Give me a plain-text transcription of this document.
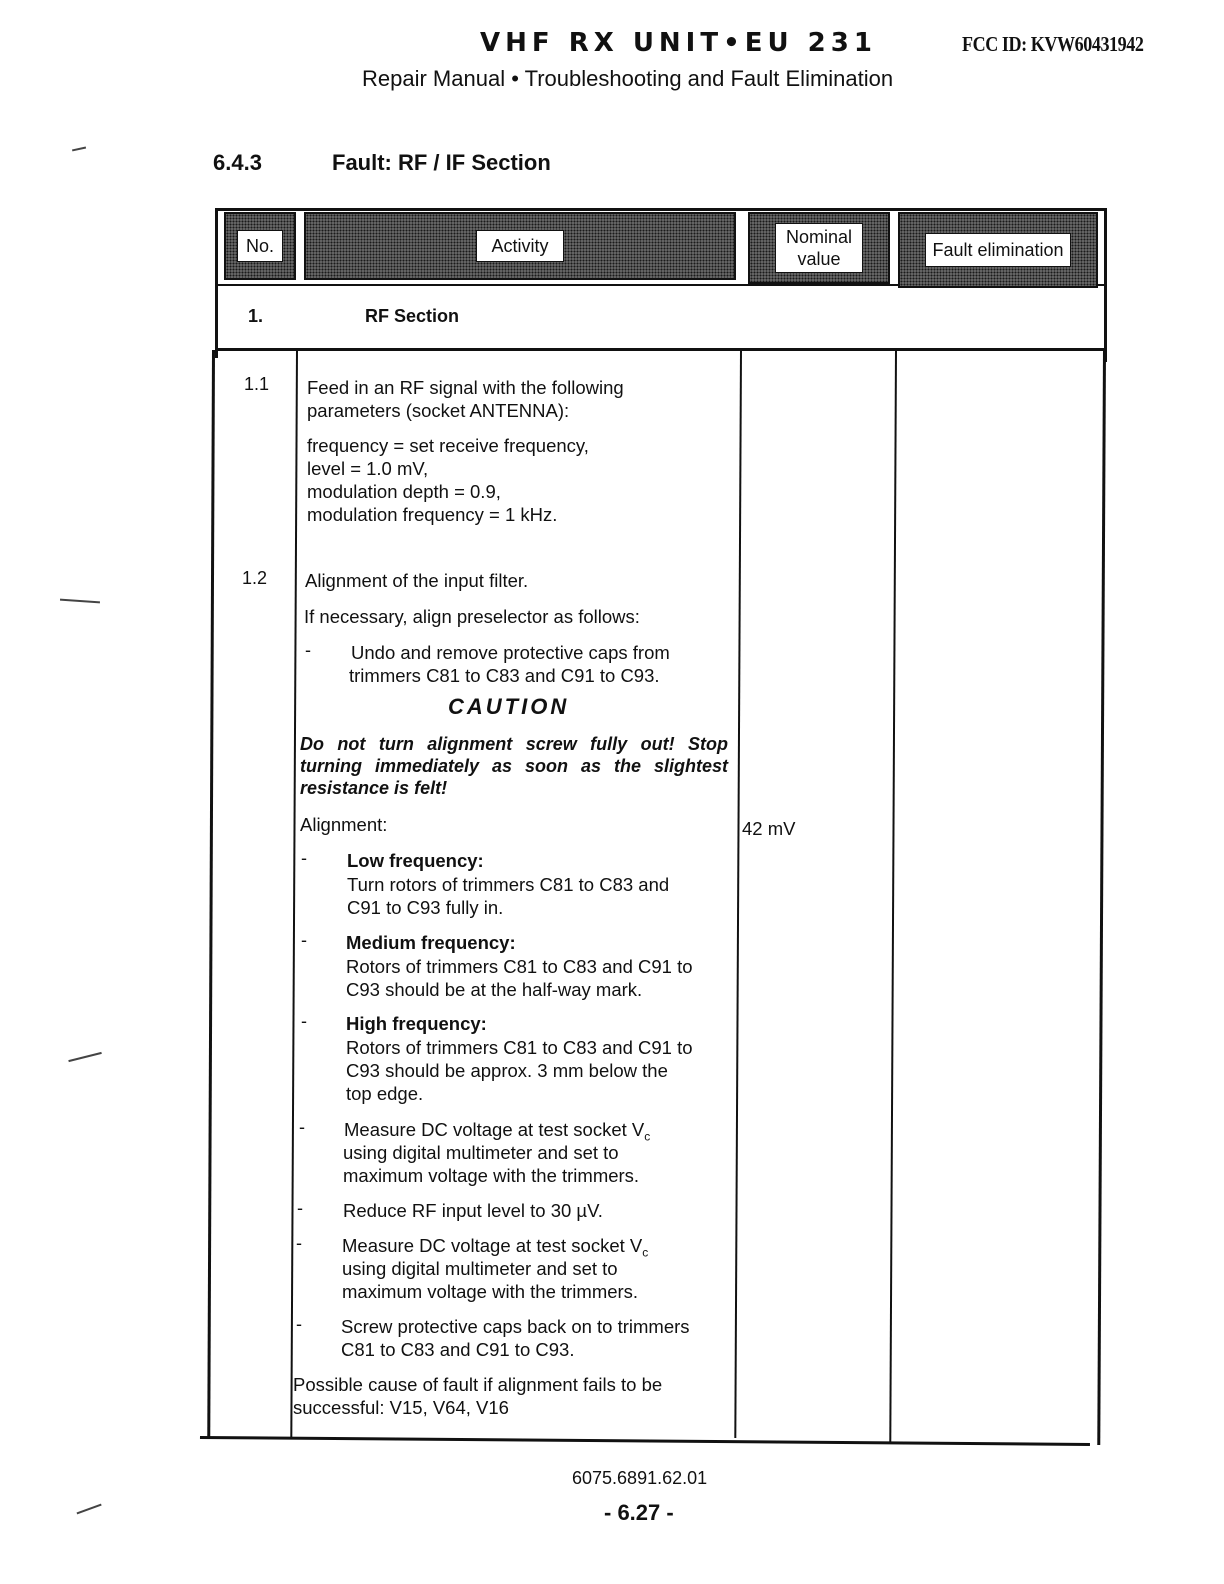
VHF RX UNIT•EU 231	FCC ID: KVW60431942
Repair Manual • Troubleshooting and Fault Elimination
6.4.3	Fault: RF / IF Section
No.	Activity	Nominal
value	Fault elimination
1.	RF Section
1.1 Feed in an RF signal with the following
parameters (socket ANTENNA):
frequency = set receive frequency,
level = 1.0 mV,
modulation depth = 0.9,
modulation frequency = 1 kHz.
1.2 Alignment of the input filter.
If necessary, align preselector as follows:
- Undo and remove protective caps from
trimmers C81 to C83 and C91 to C93.
CAUTION
Do not turn alignment screw fully out! Stop turning immediately as soon as the slightest resistance is felt!
Alignment:	42 mV
- Low frequency:
Turn rotors of trimmers C81 to C83 and
C91 to C93 fully in.
- Medium frequency:
Rotors of trimmers C81 to C83 and C91 to
C93 should be at the half-way mark.
- High frequency:
Rotors of trimmers C81 to C83 and C91 to
C93 should be approx. 3 mm below the
top edge.
- Measure DC voltage at test socket $V_c$
using digital multimeter and set to
maximum voltage with the trimmers.
- Reduce RF input level to 30 µV.
- Measure DC voltage at test socket $V_c$
using digital multimeter and set to
maximum voltage with the trimmers.
- Screw protective caps back on to trimmers
C81 to C83 and C91 to C93.
Possible cause of fault if alignment fails to be
successful: V15, V64, V16
6075.6891.62.01
- 6.27 -
